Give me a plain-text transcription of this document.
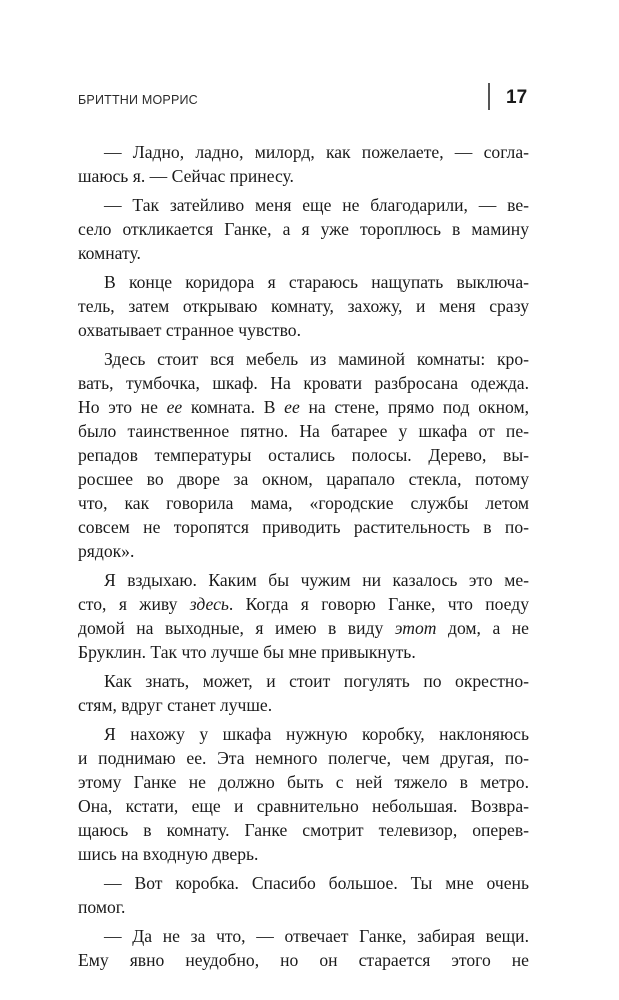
БРИТТНИ МОРРИС	17

— Ладно, ладно, милорд, как пожелаете, — согла-
шаюсь я. — Сейчас принесу.

— Так затейливо меня еще не благодарили, — ве-
село откликается Ганке, а я уже тороплюсь в мамину
комнату.

В конце коридора я стараюсь нащупать выключа-
тель, затем открываю комнату, захожу, и меня сразу
охватывает странное чувство.

Здесь стоит вся мебель из маминой комнаты: кро-
вать, тумбочка, шкаф. На кровати разбросана одежда.
Но это не ее комната. В ее на стене, прямо под окном,
было таинственное пятно. На батарее у шкафа от пе-
репадов температуры остались полосы. Дерево, вы-
росшее во дворе за окном, царапало стекла, потому
что, как говорила мама, «городские службы летом
совсем не торопятся приводить растительность в по-
рядок».

Я вздыхаю. Каким бы чужим ни казалось это ме-
сто, я живу здесь. Когда я говорю Ганке, что поеду
домой на выходные, я имею в виду этот дом, а не
Бруклин. Так что лучше бы мне привыкнуть.

Как знать, может, и стоит погулять по окрестно-
стям, вдруг станет лучше.

Я нахожу у шкафа нужную коробку, наклоняюсь
и поднимаю ее. Эта немного полегче, чем другая, по-
этому Ганке не должно быть с ней тяжело в метро.
Она, кстати, еще и сравнительно небольшая. Возвра-
щаюсь в комнату. Ганке смотрит телевизор, оперев-
шись на входную дверь.

— Вот коробка. Спасибо большое. Ты мне очень
помог.

— Да не за что, — отвечает Ганке, забирая вещи.
Ему явно неудобно, но он старается этого не
